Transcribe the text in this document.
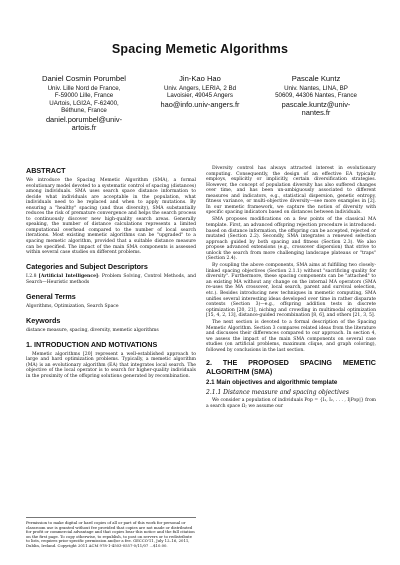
Spacing Memetic Algorithms
Daniel Cosmin Porumbel
Univ. Lille Nord de France,
F-59000 Lille, France
UArtois, LGI2A, F-62400,
Béthune, France
daniel.porumbel@univ-
artois.fr
Jin-Kao Hao
Univ. Angers, LERIA, 2 Bd
Lavoisier, 49045 Angers
hao@info.univ-angers.fr
Pascale Kuntz
Univ. Nantes, LINA, BP
50609, 44306 Nantes, France
pascale.kuntz@univ-
nantes.fr
ABSTRACT

We introduce the Spacing Memetic Algorithm (SMA), a formal evolutionary model devoted to a systematic control of spacing (distances) among individuals. SMA uses search space distance information to decide what individuals are acceptable in the population, what individuals need to be replaced and when to apply mutations. By ensuring a "healthy" spacing (and thus diversity), SMA substantially reduces the risk of premature convergence and helps the search process to continuously discover new high-quality search areas. Generally speaking, the number of distance calculations represents a limited computational overhead compared to the number of local search iterations. Most existing memetic algorithms can be "upgraded" to a spacing memetic algorithm, provided that a suitable distance measure can be specified. The impact of the main SMA components is assessed within several case studies on different problems.

Categories and Subject Descriptors

I.2.8 [Artificial Intelligence]: Problem Solving, Control Methods, and Search—Heuristic methods

General Terms

Algorithms, Optimization, Search Space

Keywords

distance measure, spacing, diversity, memetic algorithms

1. INTRODUCTION AND MOTIVATIONS

Memetic algorithms [20] represent a well-established approach to large and hard optimization problems. Typically, a memetic algorithm (MA) is an evolutionary algorithm (EA) that integrates local search. The objective of the local operator is to search for higher-quality individuals in the proximity of the offspring solutions generated by recombination.

Permission to make digital or hard copies of all or part of this work for personal or classroom use is granted without fee provided that copies are not made or distributed for profit or commercial advantage and that copies bear this notice and the full citation on the first page. To copy otherwise, to republish, to post on servers or to redistribute to lists, requires prior specific permission and/or a fee. GECCO'11, July 12–16, 2011, Dublin, Ireland. Copyright 2011 ACM 978-1-4503-0557-0/11/07 ...$10.00.

Diversity control has always attracted interest in evolutionary computing. Consequently, the design of an effective EA typically employs, explicitly or implicitly, certain diversification strategies. However, the concept of population diversity has also suffered changes over time, and has been un-ambiguously associated to different measures and indicators, e.g., statistical dispersion, genetic entropy, fitness variance, or multi-objective diversity—see more examples in [2]. In our memetic framework, we capture the notion of diversity with specific spacing indicators based on distances between individuals.

SMA proposes modifications on a few points of the classical MA template. First, an advanced offspring rejection procedure is introduced: based on distance information, the offspring can be accepted, rejected or mutated (Section 2.2). Secondly, SMA integrates a renewed selection approach guided by both spacing and fitness (Section 2.3). We also propose advanced extensions (e.g., crossover dispersion) that strive to unlock the search from more challenging landscape plateaus or "traps" (Section 2.4).

By coupling the above components, SMA aims at fulfilling two closely-linked spacing objectives (Section 2.1.1) without "sacrificing quality for diversity". Furthermore, these spacing components can be "attached" to an existing MA without any change on the internal MA operators (SMA re-uses the MA crossover, local search, parent and survival selection, etc.). Besides introducing new techniques in memetic computing, SMA unifies several interesting ideas developed over time in rather disparate contexts (Section 3)—e.g., offspring addition tests in discrete optimization [20, 21], niching and crowding in multimodal optimization [15, 4, 2, 13], distance-guided recombination [8, 6], and others [21, 3, 5].

The next section is devoted to a formal description of the Spacing Memetic Algorithm. Section 3 compares related ideas from the literature and discusses their differences compared to our approach. In section 4, we assess the impact of the main SMA components on several case studies (on artificial problems, maximum clique, and graph coloring), followed by conclusions in the last section.

2. THE PROPOSED SPACING MEMETIC ALGORITHM (SMA)
2.1 Main objectives and algorithmic template
2.1.1 Distance measure and spacing objectives

We consider a population of individuals Pop = {I₁, I₂, . . . , I|Pop|} from a search space Ω; we assume our
